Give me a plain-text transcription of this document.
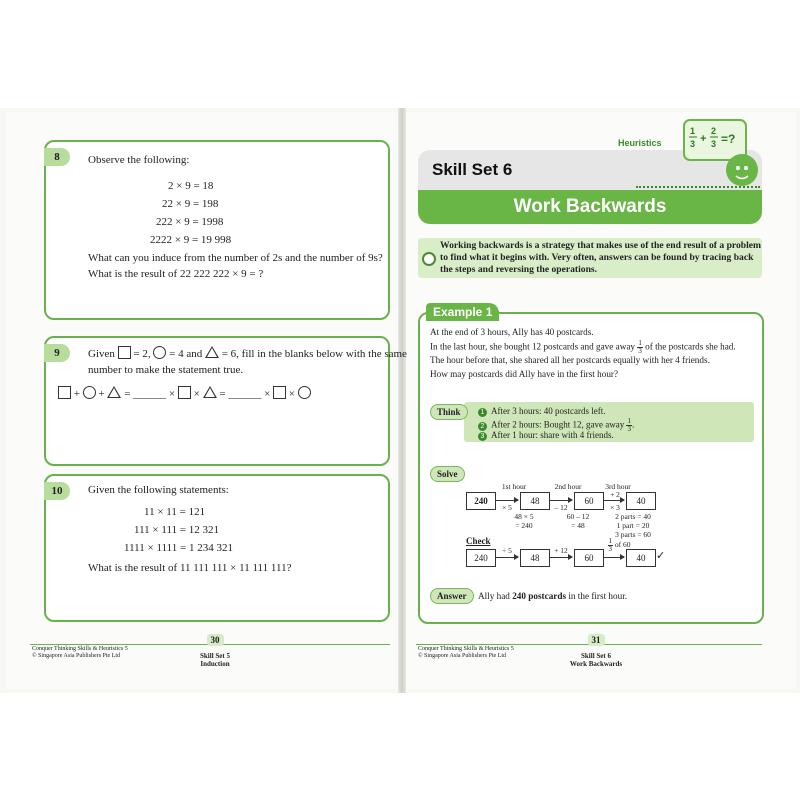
8	Observe the following:
2 × 9 = 18
22 × 9 = 198
222 × 9 = 1998
2222 × 9 = 19 998
What can you induce from the number of 2s and the number of 9s?
What is the result of 22 222 222 × 9 = ?
9	Given = 2, = 4 and = 6, fill in the blanks below with the same
number to make the statement true.
+ + = ______ × × = ______ × ×
10	Given the following statements:
11 × 11 = 121
111 × 111 = 12 321
1111 × 1111 = 1 234 321
What is the result of 11 111 111 × 11 111 111?
Conquer Thinking Skills & Heuristics 5
© Singapore Asia Publishers Pte Ltd
30
Skill Set 5
Induction
Skill Set 6
Heuristics
Work Backwards
1
3 +
2
3 =?
Working backwards is a strategy that makes use of the end result of a problem to find what it begins with. Very often, answers can be found by tracing back the steps and reversing the operations.
Example 1
At the end of 3 hours, Ally has 40 postcards.
In the last hour, she bought 12 postcards and gave away $\frac{1}{3}$ of the postcards she had.
The hour before that, she shared all her postcards equally with her 4 friends.
How may postcards did Ally have in the first hour?
Think	1 After 3 hours: 40 postcards left.
2 After 2 hours: Bought 12, gave away $\frac{1}{3}$ .
3 After 1 hour: share with 4 friends.
Solve
1st hour	2nd hour	3rd hour
240	48	60	40
× 5	– 12
+ 2
× 3
48 × 5
= 240
60 – 12
= 48
2 parts = 40
1 part = 20
3 parts = 60
Check
240	48	60	40
÷ 5	+ 12	$\frac{1}{3}$ of 60
✓
Answer	Ally had 240 postcards in the first hour.
Conquer Thinking Skills & Heuristics 5
© Singapore Asia Publishers Pte Ltd
31
Skill Set 6
Work Backwards
